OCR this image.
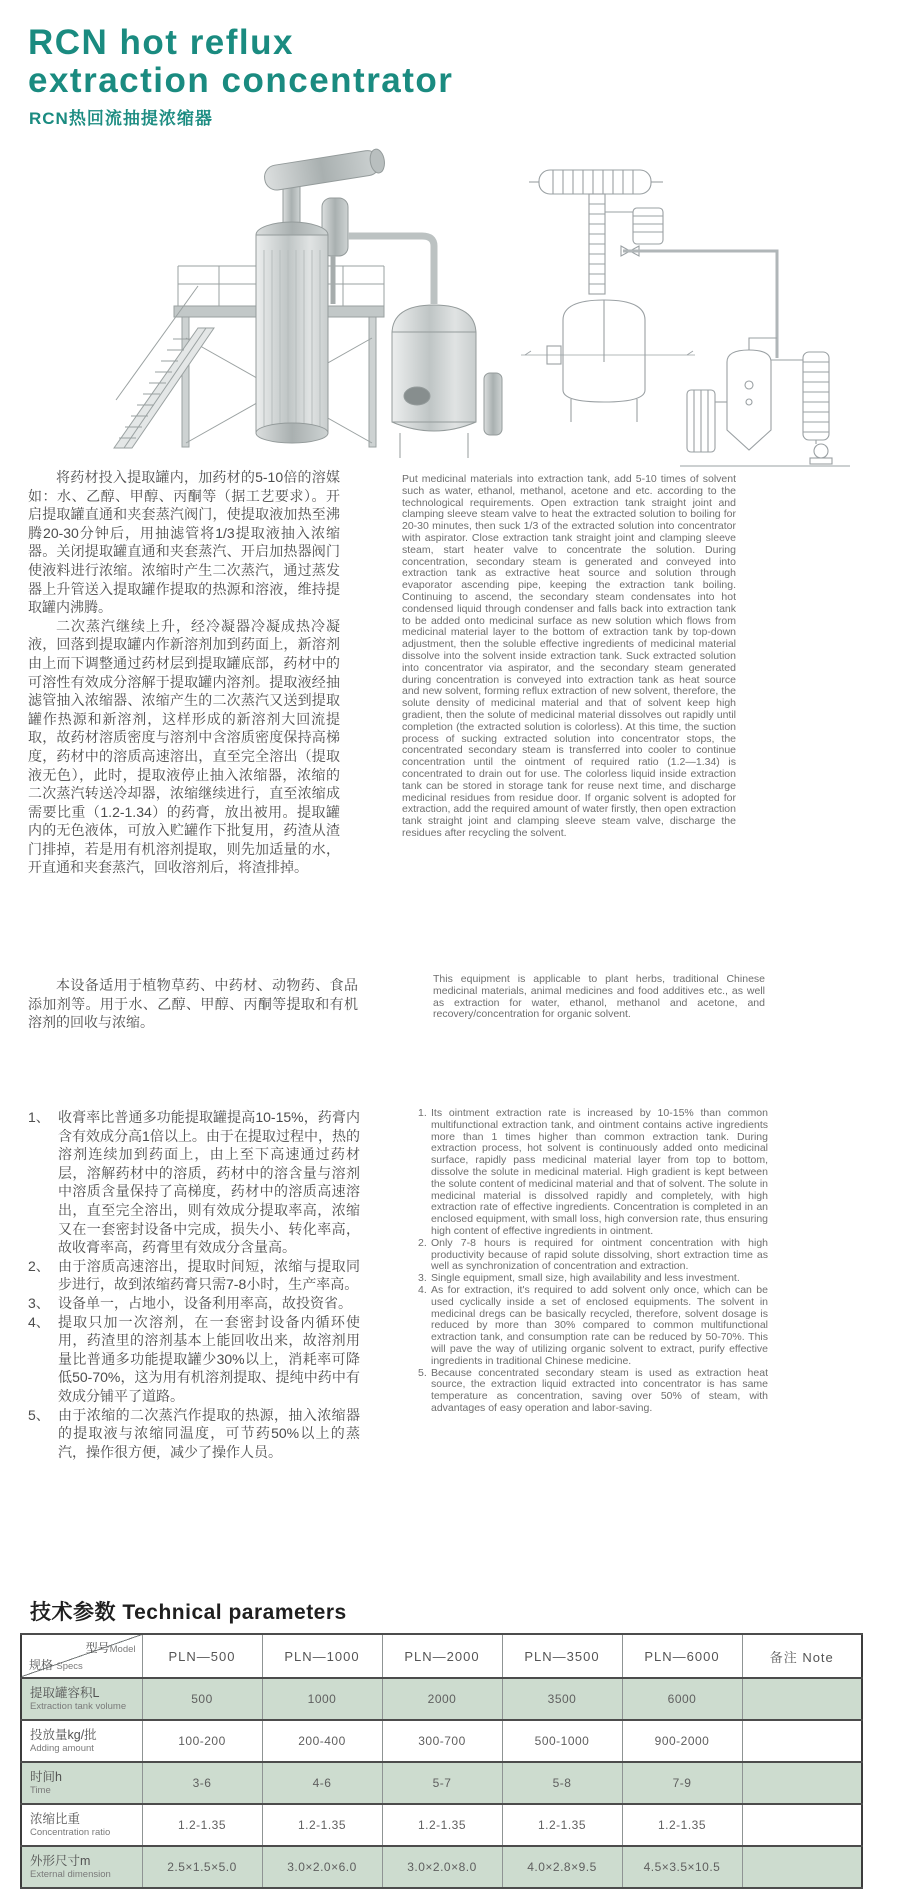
RCN hot reflux
extraction concentrator
RCN热回流抽提浓缩器

将药材投入提取罐内，加药材的5-10倍的溶媒如：水、乙醇、甲醇、丙酮等（据工艺要求）。开启提取罐直通和夹套蒸汽阀门，使提取液加热至沸腾20-30分钟后，用抽滤管将1/3提取液抽入浓缩器。关闭提取罐直通和夹套蒸汽、开启加热器阀门使液料进行浓缩。浓缩时产生二次蒸汽，通过蒸发器上升管送入提取罐作提取的热源和溶液，维持提取罐内沸腾。

二次蒸汽继续上升，经冷凝器冷凝成热冷凝液，回落到提取罐内作新溶剂加到药面上，新溶剂由上而下调整通过药材层到提取罐底部，药材中的可溶性有效成分溶解于提取罐内溶剂。提取液经抽滤管抽入浓缩器、浓缩产生的二次蒸汽又送到提取罐作热源和新溶剂，这样形成的新溶剂大回流提取，故药材溶质密度与溶剂中含溶质密度保持高梯度，药材中的溶质高速溶出，直至完全溶出（提取液无色），此时，提取液停止抽入浓缩器，浓缩的二次蒸汽转送冷却器，浓缩继续进行，直至浓缩成需要比重（1.2-1.34）的药膏，放出被用。提取罐内的无色液体，可放入贮罐作下批复用，药渣从渣门排掉，若是用有机溶剂提取，则先加适量的水，开直通和夹套蒸汽，回收溶剂后，将渣排掉。

Put medicinal materials into extraction tank, add 5-10 times of solvent such as water, ethanol, methanol, acetone and etc. according to the technological requirements. Open extraction tank straight joint and clamping sleeve steam valve to heat the extracted solution to boiling for 20-30 minutes, then suck 1/3 of the extracted solution into concentrator with aspirator. Close extraction tank straight joint and clamping sleeve steam, start heater valve to concentrate the solution. During concentration, secondary steam is generated and conveyed into extraction tank as extractive heat source and solution through evaporator ascending pipe, keeping the extraction tank boiling. Continuing to ascend, the secondary steam condensates into hot condensed liquid through condenser and falls back into extraction tank to be added onto medicinal surface as new solution which flows from medicinal material layer to the bottom of extraction tank by top-down adjustment, then the soluble effective ingredients of medicinal material dissolve into the solvent inside extraction tank. Suck extracted solution into concentrator via aspirator, and the secondary steam generated during concentration is conveyed into extraction tank as heat source and new solvent, forming reflux extraction of new solvent, therefore, the solute density of medicinal material and that of solvent keep high gradient, then the solute of medicinal material dissolves out rapidly until completion (the extracted solution is colorless). At this time, the suction process of sucking extracted solution into concentrator stops, the concentrated secondary steam is transferred into cooler to continue concentration until the ointment of required ratio (1.2—1.34) is concentrated to drain out for use. The colorless liquid inside extraction tank can be stored in storage tank for reuse next time, and discharge medicinal residues from residue door. If organic solvent is adopted for extraction, add the required amount of water firstly, then open extraction tank straight joint and clamping sleeve steam valve, discharge the residues after recycling the solvent.

本设备适用于植物草药、中药材、动物药、食品添加剂等。用于水、乙醇、甲醇、丙酮等提取和有机溶剂的回收与浓缩。

This equipment is applicable to plant herbs, traditional Chinese medicinal materials, animal medicines and food additives etc., as well as extraction for water, ethanol, methanol and acetone, and recovery/concentration for organic solvent.
1、 收膏率比普通多功能提取罐提高10-15%，药膏内含有效成分高1倍以上。由于在提取过程中，热的溶剂连续加到药面上，由上至下高速通过药材层，溶解药材中的溶质，药材中的溶含量与溶剂中溶质含量保持了高梯度，药材中的溶质高速溶出，直至完全溶出，则有效成分提取率高，浓缩又在一套密封设备中完成，损失小、转化率高，故收膏率高，药膏里有效成分含量高。
2、 由于溶质高速溶出，提取时间短，浓缩与提取同步进行，故到浓缩药膏只需7-8小时，生产率高。
3、 设备单一，占地小，设备利用率高，故投资省。
4、 提取只加一次溶剂，在一套密封设备内循环使用，药渣里的溶剂基本上能回收出来，故溶剂用量比普通多功能提取罐少30%以上，消耗率可降低50-70%，这为用有机溶剂提取、提纯中药中有效成分铺平了道路。
5、 由于浓缩的二次蒸汽作提取的热源，抽入浓缩器的提取液与浓缩同温度，可节药50%以上的蒸汽，操作很方便，减少了操作人员。
1. Its ointment extraction rate is increased by 10-15% than common multifunctional extraction tank, and ointment contains active ingredients more than 1 times higher than common extraction tank. During extraction process, hot solvent is continuously added onto medicinal surface, rapidly pass medicinal material layer from top to bottom, dissolve the solute in medicinal material. High gradient is kept between the solute content of medicinal material and that of solvent. The solute in medicinal material is dissolved rapidly and completely, with high extraction rate of effective ingredients. Concentration is completed in an enclosed equipment, with small loss, high conversion rate, thus ensuring high content of effective ingredients in ointment.
2. Only 7-8 hours is required for ointment concentration with high productivity because of rapid solute dissolving, short extraction time as well as synchronization of concentration and extraction.
3. Single equipment, small size, high availability and less investment.
4. As for extraction, it's required to add solvent only once, which can be used cyclically inside a set of enclosed equipments. The solvent in medicinal dregs can be basically recycled, therefore, solvent dosage is reduced by more than 30% compared to common multifunctional extraction tank, and consumption rate can be reduced by 50-70%. This will pave the way of utilizing organic solvent to extract, purify effective ingredients in traditional Chinese medicine.
5. Because concentrated secondary steam is used as extraction heat source, the extraction liquid extracted into concentrator is has same temperature as concentration, saving over 50% of steam, with advantages of easy operation and labor-saving.
技术参数 Technical parameters
型号Model
规格 Specs	PLN—500	PLN—1000	PLN—2000	PLN—3500	PLN—6000	备注 Note

提取罐容积L
Extraction tank volume	500	1000	2000	3500	6000	

投放量kg/批
Adding amount	100-200	200-400	300-700	500-1000	900-2000	

时间h
Time	3-6	4-6	5-7	5-8	7-9	

浓缩比重
Concentration ratio	1.2-1.35	1.2-1.35	1.2-1.35	1.2-1.35	1.2-1.35	

外形尺寸m
External dimension	2.5×1.5×5.0	3.0×2.0×6.0	3.0×2.0×8.0	4.0×2.8×9.5	4.5×3.5×10.5	
